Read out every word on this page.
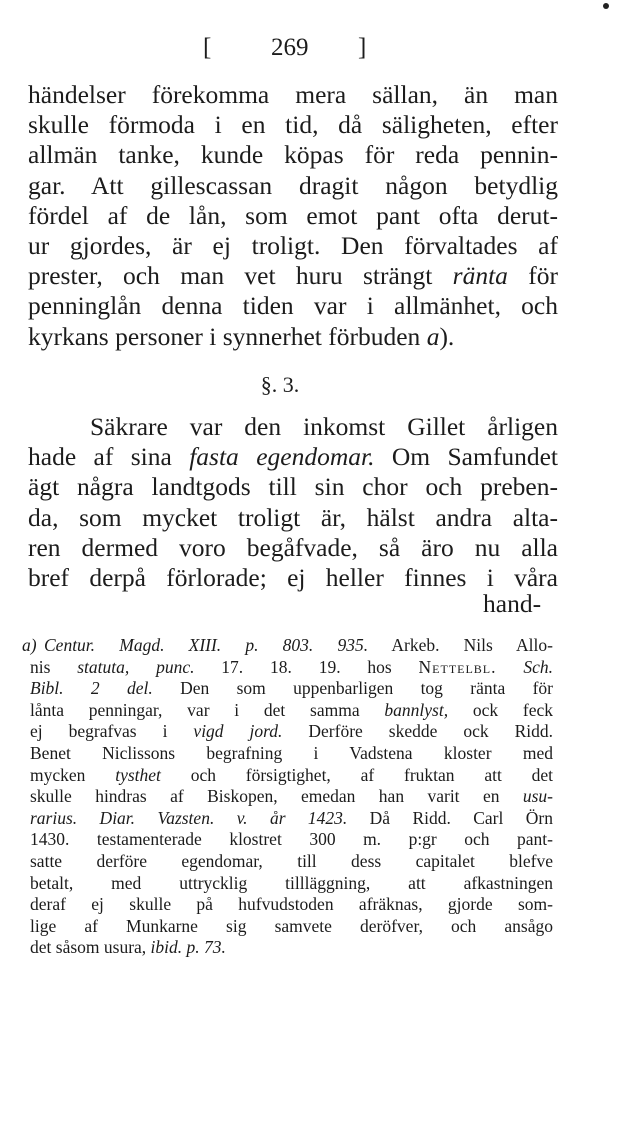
[ 269 ]
händelser förekomma mera sällan, än man
skulle förmoda i en tid, då säligheten, efter
allmän tanke, kunde köpas för reda pennin-
gar. Att gillescassan dragit någon betydlig
fördel af de lån, som emot pant ofta derut-
ur gjordes, är ej troligt. Den förvaltades af
prester, och man vet huru strängt ränta för
penninglån denna tiden var i allmänhet, och
kyrkans personer i synnerhet förbuden a).
§. 3.
Säkrare var den inkomst Gillet årligen
hade af sina fasta egendomar. Om Samfundet
ägt några landtgods till sin chor och preben-
da, som mycket troligt är, hälst andra alta-
ren dermed voro begåfvade, så äro nu alla
bref derpå förlorade; ej heller finnes i våra
hand-
a) Centur. Magd. XIII. p. 803. 935. Arkeb. Nils Allo-
nis statuta, punc. 17. 18. 19. hos Nettelbl. Sch.
Bibl. 2 del. Den som uppenbarligen tog ränta för
lånta penningar, var i det samma bannlyst, ock feck
ej begrafvas i vigd jord. Derföre skedde ock Ridd.
Benet Niclissons begrafning i Vadstena kloster med
mycken tysthet och försigtighet, af fruktan att det
skulle hindras af Biskopen, emedan han varit en usu-
rarius. Diar. Vazsten. v. år 1423. Då Ridd. Carl Örn
1430. testamenterade klostret 300 m. p:gr och pant-
satte derföre egendomar, till dess capitalet blefve
betalt, med uttrycklig tillläggning, att afkastningen
deraf ej skulle på hufvudstoden afräknas, gjorde som-
lige af Munkarne sig samvete deröfver, och ansågo
det såsom usura, ibid. p. 73.
